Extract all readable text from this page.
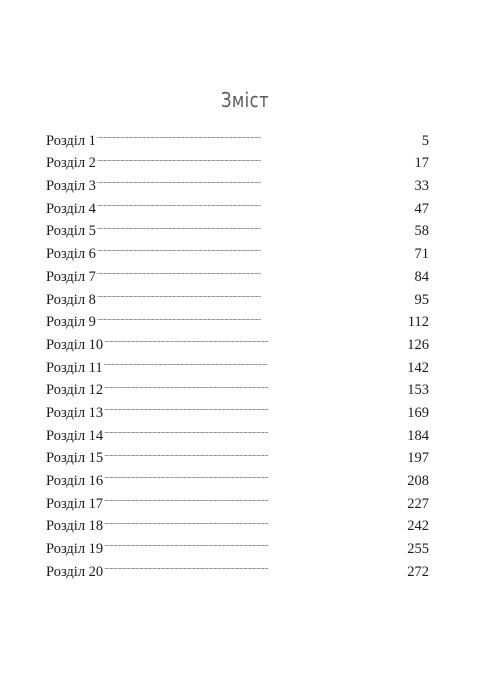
Зміст
Розділ 1 . . .	5
Розділ 2 . . .	17
Розділ 3 . . .	33
Розділ 4 . . .	47
Розділ 5 . . .	58
Розділ 6 . . .	71
Розділ 7 . . .	84
Розділ 8 . . .	95
Розділ 9 . . .	112
Розділ 10 . . .	126
Розділ 11 . . .	142
Розділ 12 . . .	153
Розділ 13 . . .	169
Розділ 14 . . .	184
Розділ 15 . . .	197
Розділ 16 . . .	208
Розділ 17 . . .	227
Розділ 18 . . .	242
Розділ 19 . . .	255
Розділ 20 . . .	272
